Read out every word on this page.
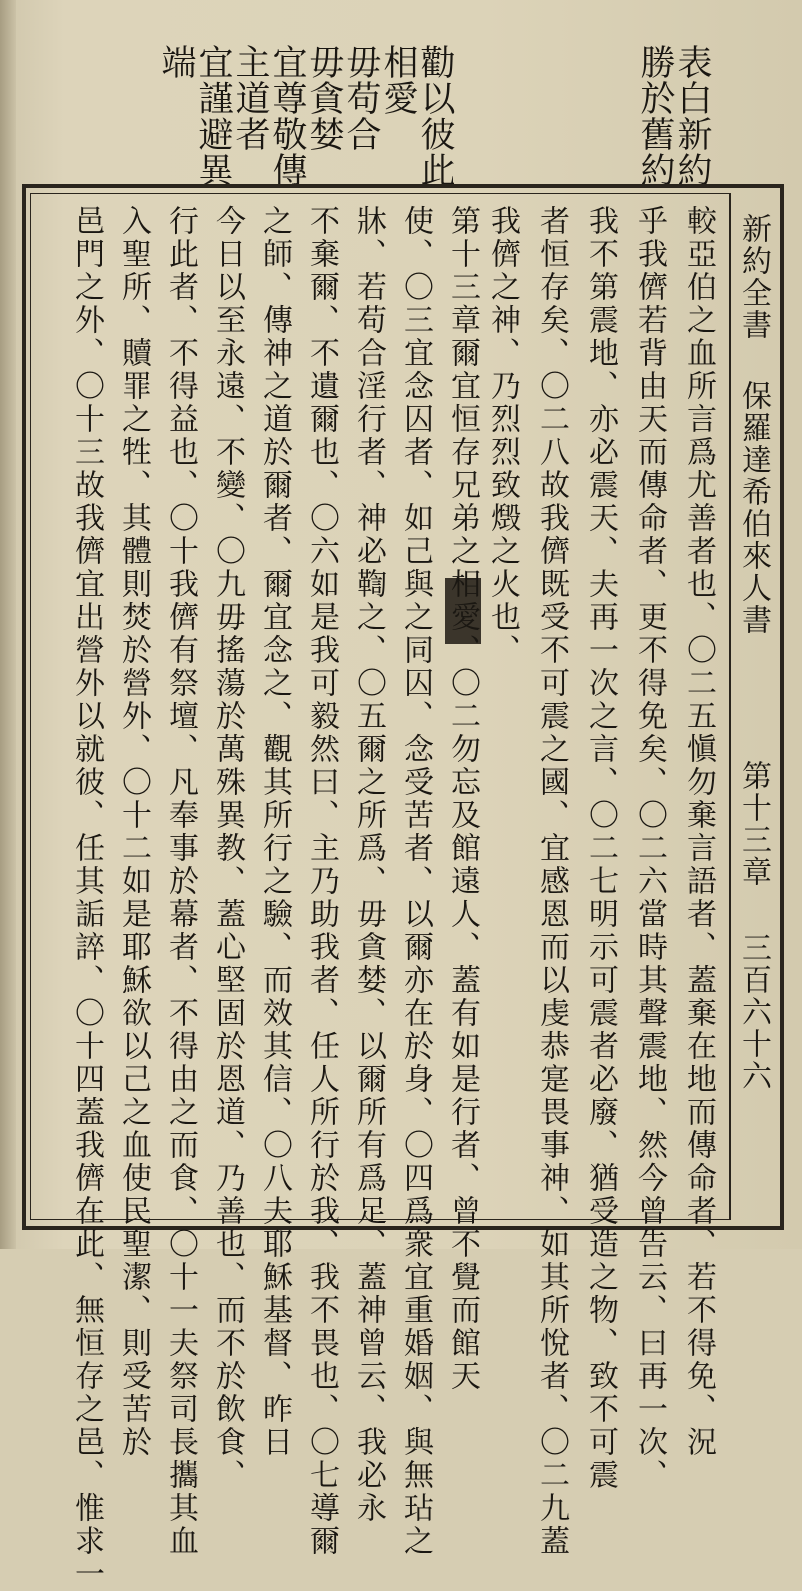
表白新約
勝於舊約
勸以彼此
相愛
毋苟合
毋貪婪
宜尊敬傳
主道者
宜謹避異
端
新約全書
保羅達希伯來人書
第十三章
三百六十六
較亞伯之血所言爲尤善者也、〇二五愼勿棄言語者、蓋棄在地而傳命者、若不得免、況
乎我儕若背由天而傳命者、更不得免矣、〇二六當時其聲震地、然今曾告云、曰再一次、
我不第震地、亦必震天、夫再一次之言、〇二七明示可震者必廢、猶受造之物、致不可震
者恒存矣、〇二八故我儕既受不可震之國、宜感恩而以虔恭寔畏事神、如其所悅者、〇二九蓋
我儕之神、乃烈烈致燬之火也、
第十三章爾宜恒存兄弟之相愛、〇二勿忘及館遠人、蓋有如是行者、曾不覺而館天
使、〇三宜念囚者、如己與之同囚、念受苦者、以爾亦在於身、〇四爲衆宜重婚姻、與無玷之
牀、若苟合淫行者、神必鞫之、〇五爾之所爲、毋貪婪、以爾所有爲足、蓋神曾云、我必永
不棄爾、不遺爾也、〇六如是我可毅然曰、主乃助我者、任人所行於我、我不畏也、〇七導爾
之師、傳神之道於爾者、爾宜念之、觀其所行之驗、而效其信、〇八夫耶穌基督、昨日
今日以至永遠、不變、〇九毋搖蕩於萬殊異教、蓋心堅固於恩道、乃善也、而不於飲食、
行此者、不得益也、〇十我儕有祭壇、凡奉事於幕者、不得由之而食、〇十一夫祭司長攜其血
入聖所、贖罪之牲、其體則焚於營外、〇十二如是耶穌欲以己之血使民聖潔、則受苦於
邑門之外、〇十三故我儕宜出營外以就彼、任其詬誶、〇十四蓋我儕在此、無恒存之邑、惟求一
